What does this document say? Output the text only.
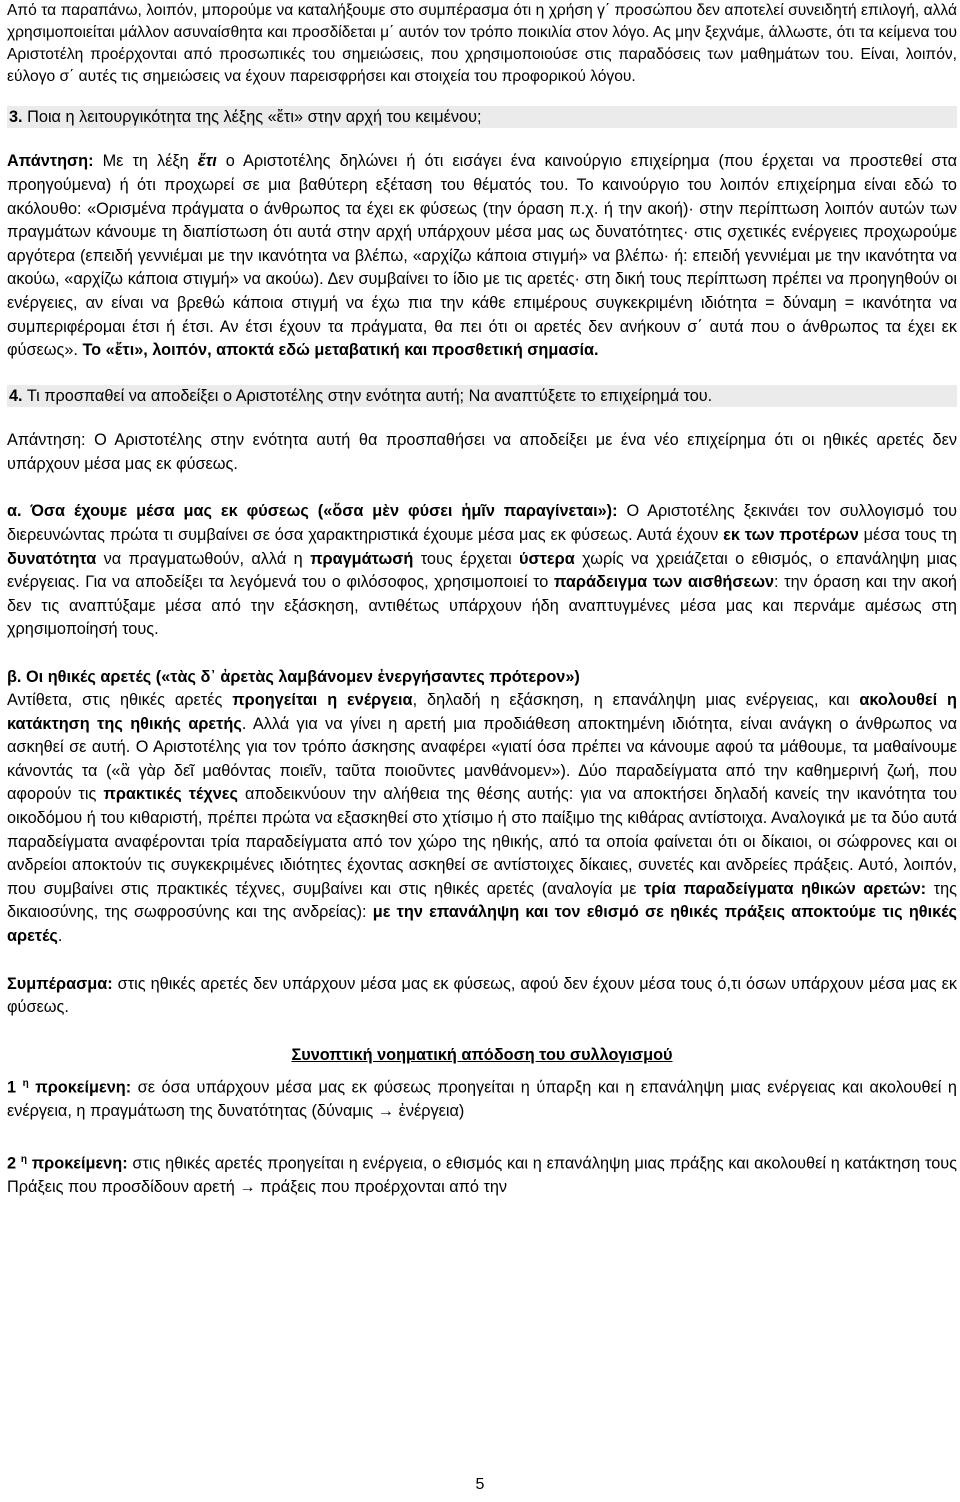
Από τα παραπάνω, λοιπόν, μπορούμε να καταλήξουμε στο συμπέρασμα ότι η χρήση γ΄ προσώπου δεν αποτελεί συνειδητή επιλογή, αλλά χρησιμοποιείται μάλλον ασυναίσθητα και προσδίδεται μ΄ αυτόν τον τρόπο ποικιλία στον λόγο. Ας μην ξεχνάμε, άλλωστε, ότι τα κείμενα του Αριστοτέλη προέρχονται από προσωπικές του σημειώσεις, που χρησιμοποιούσε στις παραδόσεις των μαθημάτων του. Είναι, λοιπόν, εύλογο σ΄ αυτές τις σημειώσεις να έχουν παρεισφρήσει και στοιχεία του προφορικού λόγου.

3. Ποια η λειτουργικότητα της λέξης «ἔτι» στην αρχή του κειμένου;

Απάντηση: Με τη λέξη ἔτι ο Αριστοτέλης δηλώνει ή ότι εισάγει ένα καινούργιο επιχείρημα (που έρχεται να προστεθεί στα προηγούμενα) ή ότι προχωρεί σε μια βαθύτερη εξέταση του θέματός του. Το καινούργιο του λοιπόν επιχείρημα είναι εδώ το ακόλουθο: «Ορισμένα πράγματα ο άνθρωπος τα έχει εκ φύσεως (την όραση π.χ. ή την ακοή)· στην περίπτωση λοιπόν αυτών των πραγμάτων κάνουμε τη διαπίστωση ότι αυτά στην αρχή υπάρχουν μέσα μας ως δυνατότητες· στις σχετικές ενέργειες προχωρούμε αργότερα (επειδή γεννιέμαι με την ικανότητα να βλέπω, «αρχίζω κάποια στιγμή» να βλέπω· ή: επειδή γεννιέμαι με την ικανότητα να ακούω, «αρχίζω κάποια στιγμή» να ακούω). Δεν συμβαίνει το ίδιο με τις αρετές· στη δική τους περίπτωση πρέπει να προηγηθούν οι ενέργειες, αν είναι να βρεθώ κάποια στιγμή να έχω πια την κάθε επιμέρους συγκεκριμένη ιδιότητα = δύναμη = ικανότητα να συμπεριφέρομαι έτσι ή έτσι. Αν έτσι έχουν τα πράγματα, θα πει ότι οι αρετές δεν ανήκουν σ΄ αυτά που ο άνθρωπος τα έχει εκ φύσεως». Το «ἔτι», λοιπόν, αποκτά εδώ μεταβατική και προσθετική σημασία.

4. Τι προσπαθεί να αποδείξει ο Αριστοτέλης στην ενότητα αυτή; Να αναπτύξετε το επιχείρημά του.

Απάντηση: Ο Αριστοτέλης στην ενότητα αυτή θα προσπαθήσει να αποδείξει με ένα νέο επιχείρημα ότι οι ηθικές αρετές δεν υπάρχουν μέσα μας εκ φύσεως.

α. Όσα έχουμε μέσα μας εκ φύσεως («ὅσα μὲν φύσει ἡμῖν παραγίνεται»): Ο Αριστοτέλης ξεκινάει τον συλλογισμό του διερευνώντας πρώτα τι συμβαίνει σε όσα χαρακτηριστικά έχουμε μέσα μας εκ φύσεως. Αυτά έχουν εκ των προτέρων μέσα τους τη δυνατότητα να πραγματωθούν, αλλά η πραγμάτωσή τους έρχεται ύστερα χωρίς να χρειάζεται ο εθισμός, ο επανάληψη μιας ενέργειας. Για να αποδείξει τα λεγόμενά του ο φιλόσοφος, χρησιμοποιεί το παράδειγμα των αισθήσεων: την όραση και την ακοή δεν τις αναπτύξαμε μέσα από την εξάσκηση, αντιθέτως υπάρχουν ήδη αναπτυγμένες μέσα μας και περνάμε αμέσως στη χρησιμοποίησή τους.

β. Οι ηθικές αρετές («τὰς δ᾽ ἀρετὰς λαμβάνομεν ἐνεργήσαντες πρότερον»)

Αντίθετα, στις ηθικές αρετές προηγείται η ενέργεια, δηλαδή η εξάσκηση, η επανάληψη μιας ενέργειας, και ακολουθεί η κατάκτηση της ηθικής αρετής. Αλλά για να γίνει η αρετή μια προδιάθεση αποκτημένη ιδιότητα, είναι ανάγκη ο άνθρωπος να ασκηθεί σε αυτή. Ο Αριστοτέλης για τον τρόπο άσκησης αναφέρει «γιατί όσα πρέπει να κάνουμε αφού τα μάθουμε, τα μαθαίνουμε κάνοντάς τα («ἃ γὰρ δεῖ μαθόντας ποιεῖν, ταῦτα ποιοῦντες μανθάνομεν»). Δύο παραδείγματα από την καθημερινή ζωή, που αφορούν τις πρακτικές τέχνες αποδεικνύουν την αλήθεια της θέσης αυτής: για να αποκτήσει δηλαδή κανείς την ικανότητα του οικοδόμου ή του κιθαριστή, πρέπει πρώτα να εξασκηθεί στο χτίσιμο ή στο παίξιμο της κιθάρας αντίστοιχα. Αναλογικά με τα δύο αυτά παραδείγματα αναφέρονται τρία παραδείγματα από τον χώρο της ηθικής, από τα οποία φαίνεται ότι οι δίκαιοι, οι σώφρονες και οι ανδρείοι αποκτούν τις συγκεκριμένες ιδιότητες έχοντας ασκηθεί σε αντίστοιχες δίκαιες, συνετές και ανδρείες πράξεις. Αυτό, λοιπόν, που συμβαίνει στις πρακτικές τέχνες, συμβαίνει και στις ηθικές αρετές (αναλογία με τρία παραδείγματα ηθικών αρετών: της δικαιοσύνης, της σωφροσύνης και της ανδρείας): με την επανάληψη και τον εθισμό σε ηθικές πράξεις αποκτούμε τις ηθικές αρετές.

Συμπέρασμα: στις ηθικές αρετές δεν υπάρχουν μέσα μας εκ φύσεως, αφού δεν έχουν μέσα τους ό,τι όσων υπάρχουν μέσα μας εκ φύσεως.

Συνοπτική νοηματική απόδοση του συλλογισμού

1 $^\eta$ προκείμενη: σε όσα υπάρχουν μέσα μας εκ φύσεως προηγείται η ύπαρξη και η επανάληψη μιας ενέργειας και ακολουθεί η ενέργεια, η πραγμάτωση της δυνατότητας (δύναμις → ἐνέργεια)

2 $^\eta$ προκείμενη: στις ηθικές αρετές προηγείται η ενέργεια, ο εθισμός και η επανάληψη μιας πράξης και ακολουθεί η κατάκτηση τους Πράξεις που προσδίδουν αρετή → πράξεις που προέρχονται από την

5
